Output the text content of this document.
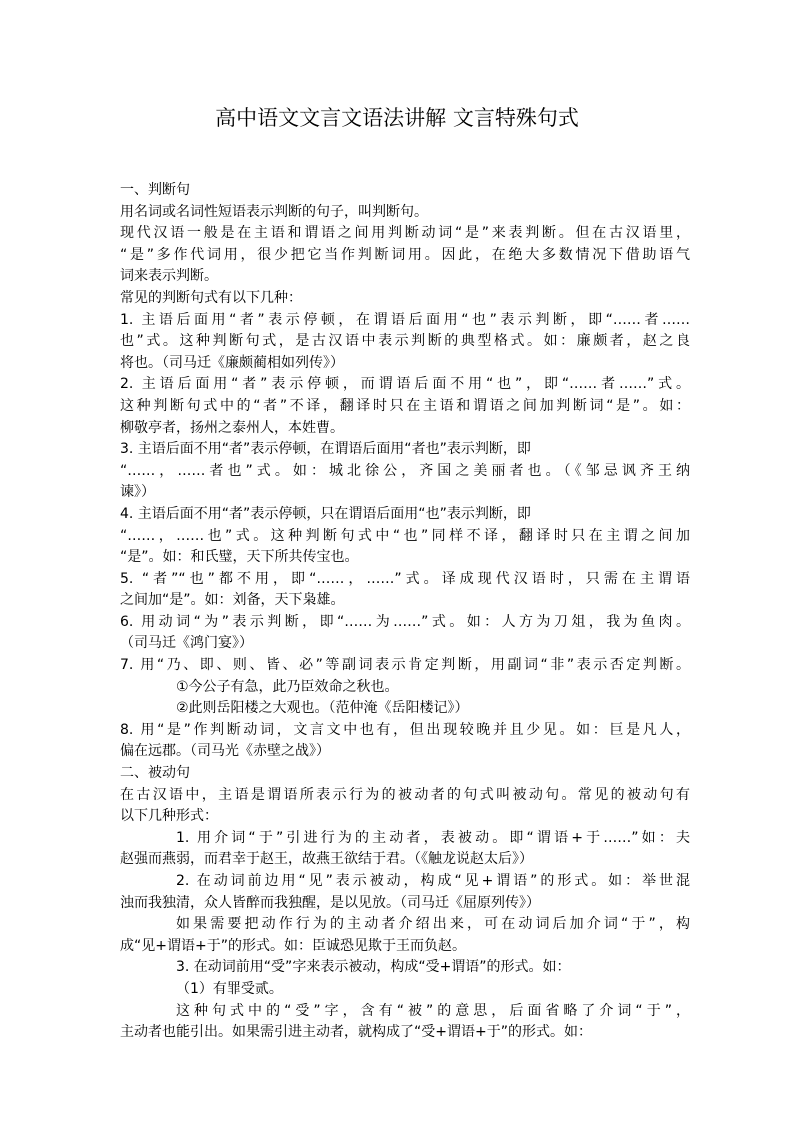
高中语文文言文语法讲解 文言特殊句式
一、判断句
用名词或名词性短语表示判断的句子，叫判断句。
现代汉语一般是在主语和谓语之间用判断动词“是”来表判断。但在古汉语里，
“是”多作代词用，很少把它当作判断词用。因此，在绝大多数情况下借助语气
词来表示判断。
常见的判断句式有以下几种：
1. 主语后面用“者”表示停顿，在谓语后面用“也”表示判断，即“……者……
也”式。这种判断句式，是古汉语中表示判断的典型格式。如：廉颇者，赵之良
将也。（司马迁《廉颇蔺相如列传》）
2. 主语后面用“者”表示停顿，而谓语后面不用“也”，即“……者……”式。
这种判断句式中的“者”不译，翻译时只在主语和谓语之间加判断词“是”。如：
柳敬亭者，扬州之泰州人，本姓曹。
3. 主语后面不用“者”表示停顿，在谓语后面用“者也”表示判断，即
“……，……者也”式。如：城北徐公，齐国之美丽者也。（《邹忌讽齐王纳
谏》）
4. 主语后面不用“者”表示停顿，只在谓语后面用“也”表示判断，即
“……，……也”式。这种判断句式中“也”同样不译，翻译时只在主谓之间加
“是”。如：和氏璧，天下所共传宝也。
5. “者”“也”都不用，即“……，……”式。译成现代汉语时，只需在主谓语
之间加“是”。如：刘备，天下枭雄。
6. 用动词“为”表示判断，即“……为……”式。如：人方为刀俎，我为鱼肉。
（司马迁《鸿门宴》）
7. 用“乃、即、则、皆、必”等副词表示肯定判断，用副词“非”表示否定判断。
①今公子有急，此乃臣效命之秋也。
②此则岳阳楼之大观也。（范仲淹《岳阳楼记》）
8. 用“是”作判断动词，文言文中也有，但出现较晚并且少见。如：巨是凡人，
偏在远郡。（司马光《赤壁之战》）
二、被动句
在古汉语中，主语是谓语所表示行为的被动者的句式叫被动句。常见的被动句有
以下几种形式：
1. 用介词“于”引进行为的主动者，表被动。即“谓语+于……”如：夫
赵强而燕弱，而君幸于赵王，故燕王欲结于君。（《触龙说赵太后》）
2. 在动词前边用“见”表示被动，构成“见+谓语”的形式。如：举世混
浊而我独清，众人皆醉而我独醒，是以见放。（司马迁《屈原列传》）
如果需要把动作行为的主动者介绍出来，可在动词后加介词“于”，构
成“见+谓语+于”的形式。如：臣诚恐见欺于王而负赵。
3. 在动词前用“受”字来表示被动，构成“受+谓语”的形式。如：
（1）有罪受贰。
这种句式中的“受”字，含有“被”的意思，后面省略了介词“于”，
主动者也能引出。如果需引进主动者，就构成了“受+谓语+于”的形式。如：
